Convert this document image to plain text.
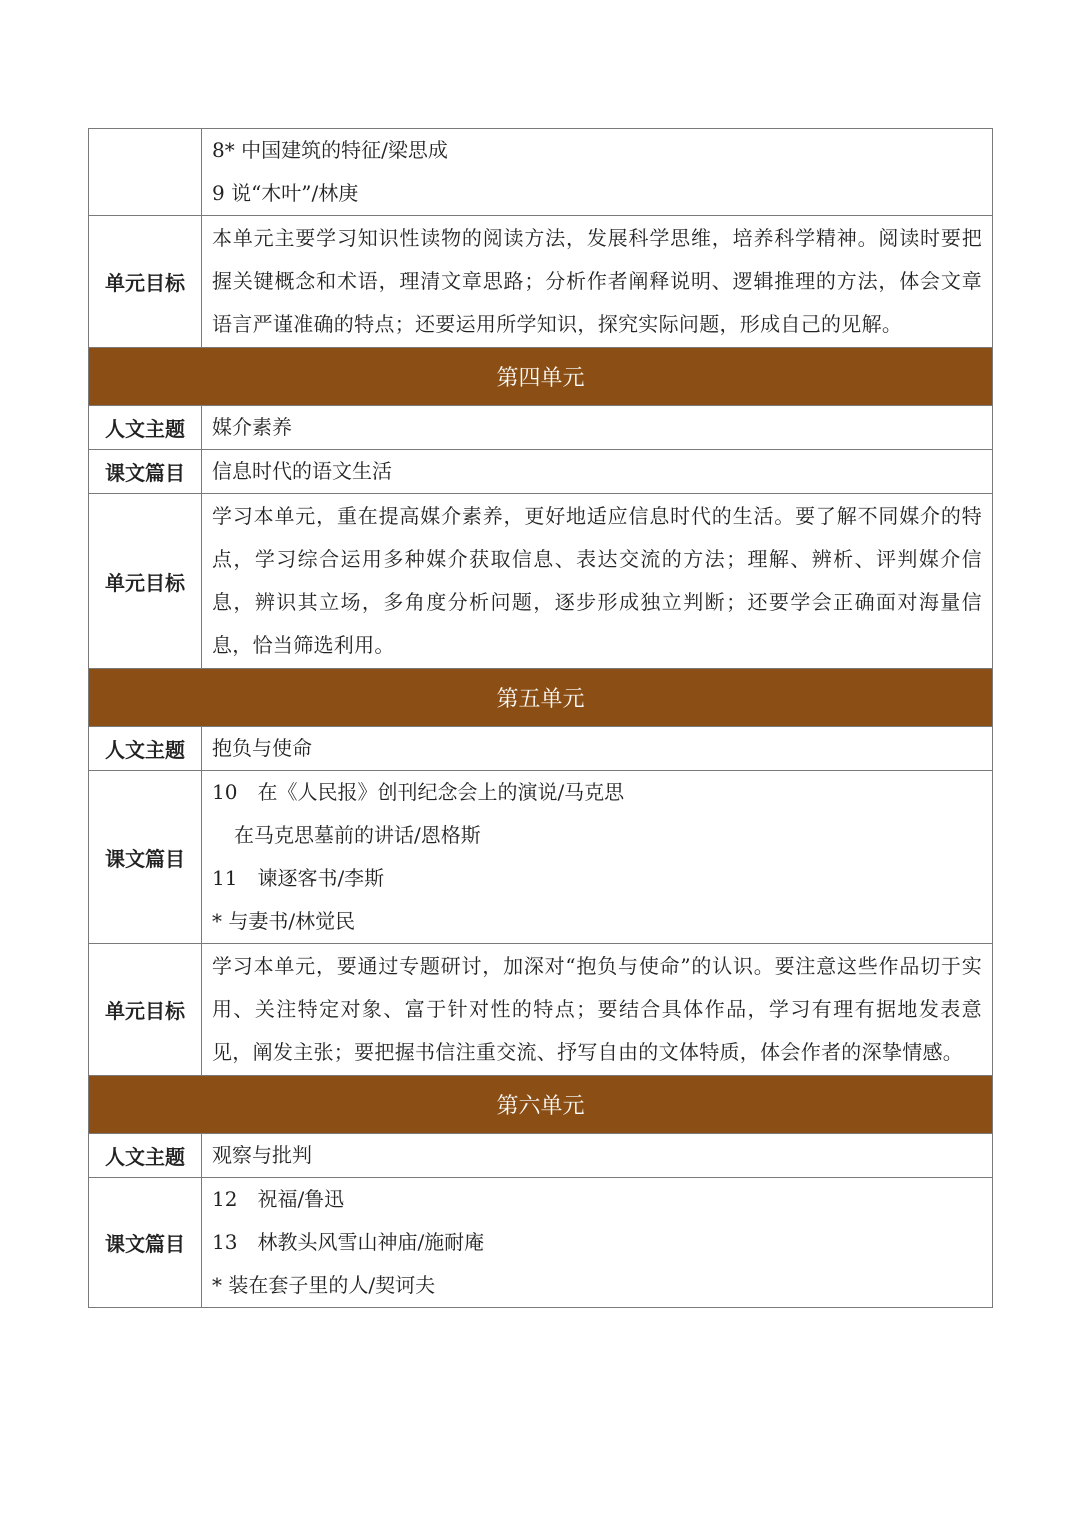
	8* 中国建筑的特征/梁思成
9 说“木叶”/林庚

单元目标	本单元主要学习知识性读物的阅读方法，发展科学思维，培养科学精神。阅读时要把握关键概念和术语，理清文章思路；分析作者阐释说明、逻辑推理的方法，体会文章语言严谨准确的特点；还要运用所学知识，探究实际问题，形成自己的见解。

第四单元	
人文主题	媒介素养

课文篇目	信息时代的语文生活

单元目标	学习本单元，重在提高媒介素养，更好地适应信息时代的生活。要了解不同媒介的特点，学习综合运用多种媒介获取信息、表达交流的方法；理解、辨析、评判媒介信息，辨识其立场，多角度分析问题，逐步形成独立判断；还要学会正确面对海量信息，恰当筛选利用。

第五单元	
人文主题	抱负与使命

课文篇目	10　在《人民报》创刊纪念会上的演说/马克思
在马克思墓前的讲话/恩格斯
11　谏逐客书/李斯
* 与妻书/林觉民

单元目标	学习本单元，要通过专题研讨，加深对“抱负与使命”的认识。要注意这些作品切于实用、关注特定对象、富于针对性的特点；要结合具体作品，学习有理有据地发表意见，阐发主张；要把握书信注重交流、抒写自由的文体特质，体会作者的深挚情感。

第六单元	
人文主题	观察与批判

课文篇目	12　祝福/鲁迅
13　林教头风雪山神庙/施耐庵
* 装在套子里的人/契诃夫
